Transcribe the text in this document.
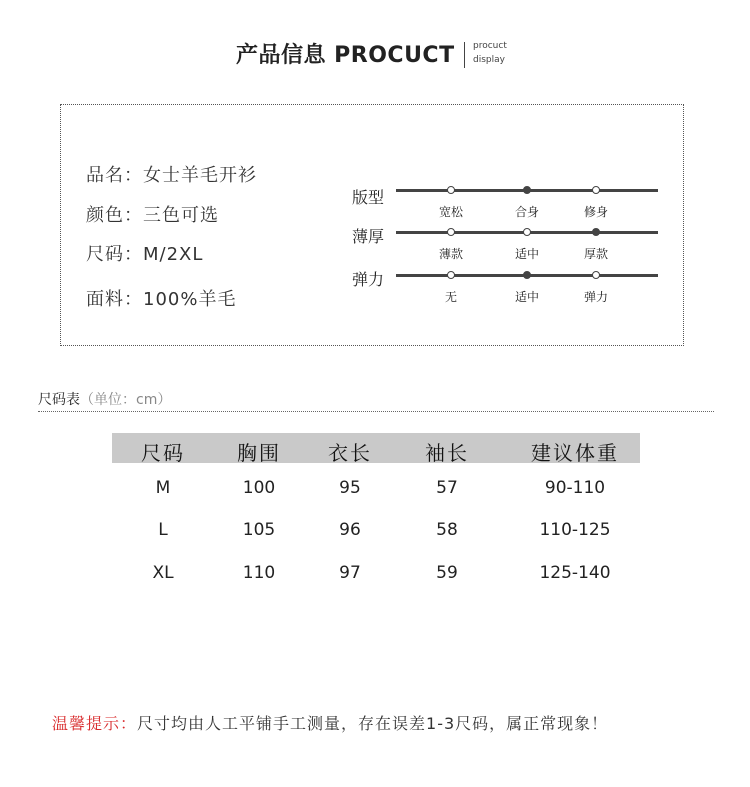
产品信息 PROCUCT procuct
display
品名：女士羊毛开衫
颜色：三色可选
尺码：M/2XL
面料：100%羊毛
版型
宽松	合身	修身
薄厚
薄款	适中	厚款
弹力
无	适中	弹力
尺码表（单位：cm）
尺码	胸围	衣长	袖长	建议体重
M	100	95	57	90-110
L	105	96	58	110-125
XL	110	97	59	125-140
温馨提示：尺寸均由人工平铺手工测量，存在误差1-3尺码，属正常现象！
